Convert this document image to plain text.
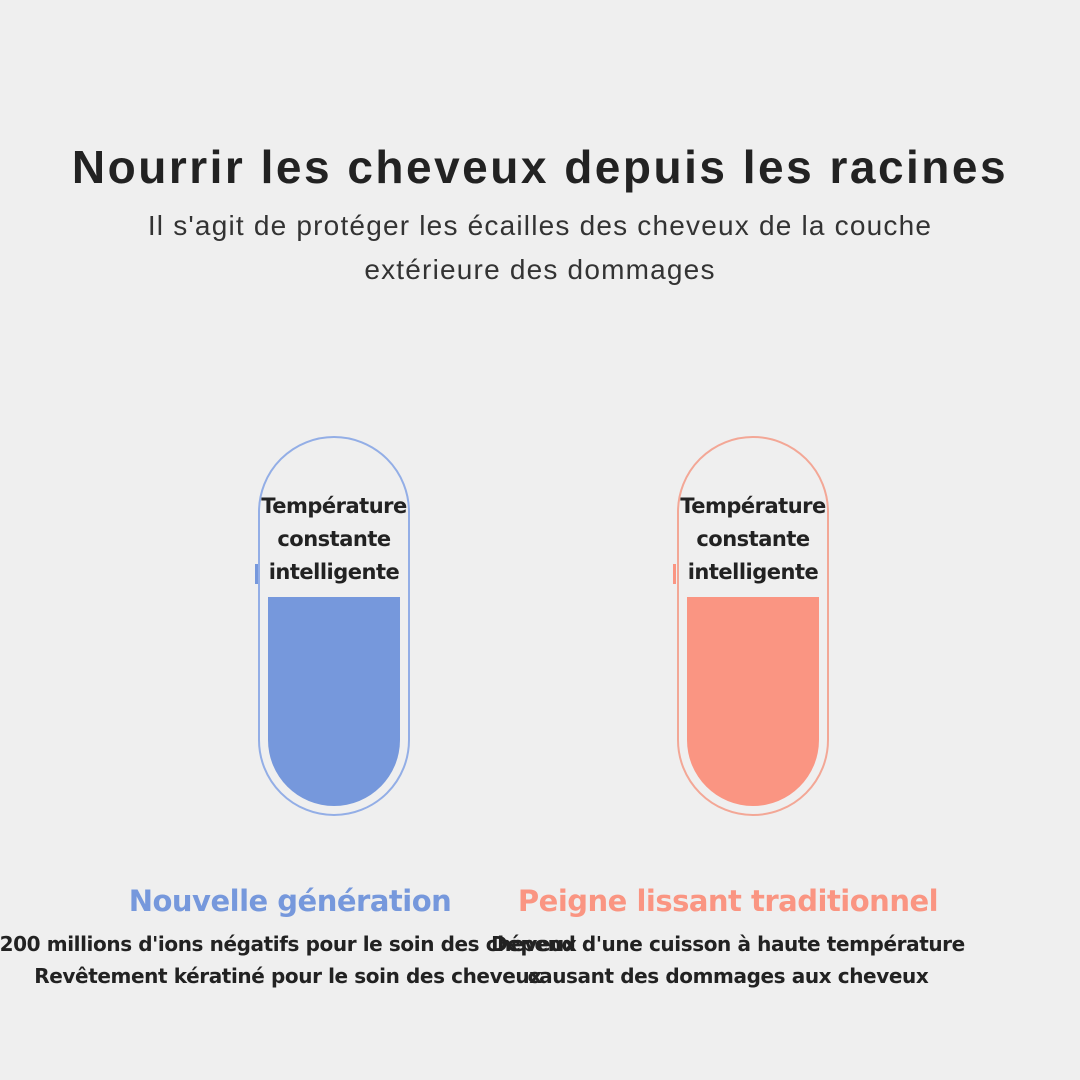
Nourrir les cheveux depuis les racines
Il s'agit de protéger les écailles des cheveux de la couche
extérieure des dommages
Température
constante
intelligente
Température
constante
intelligente
Nouvelle génération
200 millions d'ions négatifs pour le soin des cheveux
Revêtement kératiné pour le soin des cheveux
Peigne lissant traditionnel
Dépend d'une cuisson à haute température
causant des dommages aux cheveux
